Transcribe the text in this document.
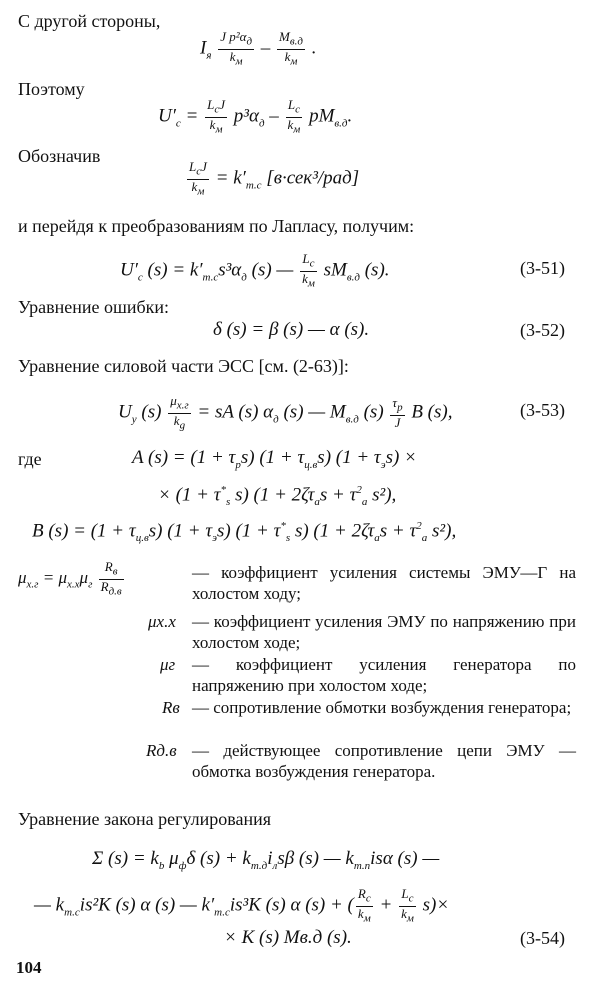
С другой стороны,
$I_я \frac{J p^2\alpha_д}{k_м} - \frac{M_{в.д}}{k_м}$ .
Поэтому
$U'_c = \frac{L_cJ}{k_м} p^3\alpha_д - \frac{L_c}{k_м} pM_{в.д}$.
Обозначив
$\frac{L_cJ}{k_м} = k'_{т.с}$ [в·сек³/рад]
и перейдя к преобразованиям по Лапласу, получим:
$U'_c$ $(s) = k'_{т.с}s^3\alpha_д$ (s) — $\frac{L_c}{k_м} sM_{в.д}$ (s).	(3-51)
Уравнение ошибки:
δ (s) = β (s) — α (s).	(3-52)
Уравнение силовой части ЭСС [см. (2-63)]:
$U_у$ $(s) \frac{\mu_{х.г}}{k_g}$ = sA (s) $\alpha_д$ (s) — $M_{в.д}$ $(s) \frac{\tau_р}{J}$ B (s),	(3-53)
где	A $(s) = (1 + \tau_рs)$ $(1 + \tau_{ц.в}s)$ $(1 + \tau_эs)$ ×
× ($1 + \tau^*_s$ s) ($1 + 2\zeta\tau_аs + \tau^2_а$ s²),
B $(s) = (1 + \tau_{ц.в}s)$ $(1 + \tau_эs)$ ($1 + \tau^*_s$ s) ($1 + 2\zeta\tau_аs + \tau^2_а$ s²),
$\mu_{х.г} = \mu_{х.х}\mu_г \frac{R_в}{R_{д.в}}$	— коэффициент усиления системы ЭМУ—Г на холостом ходу;
μх.х — коэффициент усиления ЭМУ по напряжению при холостом ходе;
μг — коэффициент усиления генератора по напряжению при холостом ходе;
Rв — сопротивление обмотки возбуждения генератора;
Rд.в — действующее сопротивление цепи ЭМУ — обмотка возбуждения генератора.
Уравнение закона регулирования
Σ $(s) = k_b$ $\mu_ф\delta$ $(s) + k_{т.д}i_лs\beta$ (s) — $k_{т.п}is\alpha$ (s) —
— $k_{т.с}is^2K$ (s) α (s) — $k'_{т.с}is^3K$ (s) α (s) + ( $\frac{R_c}{k_м} + \frac{L_c}{k_м} s)\times$
× K (s) Mв.д (s).	(3-54)
104
